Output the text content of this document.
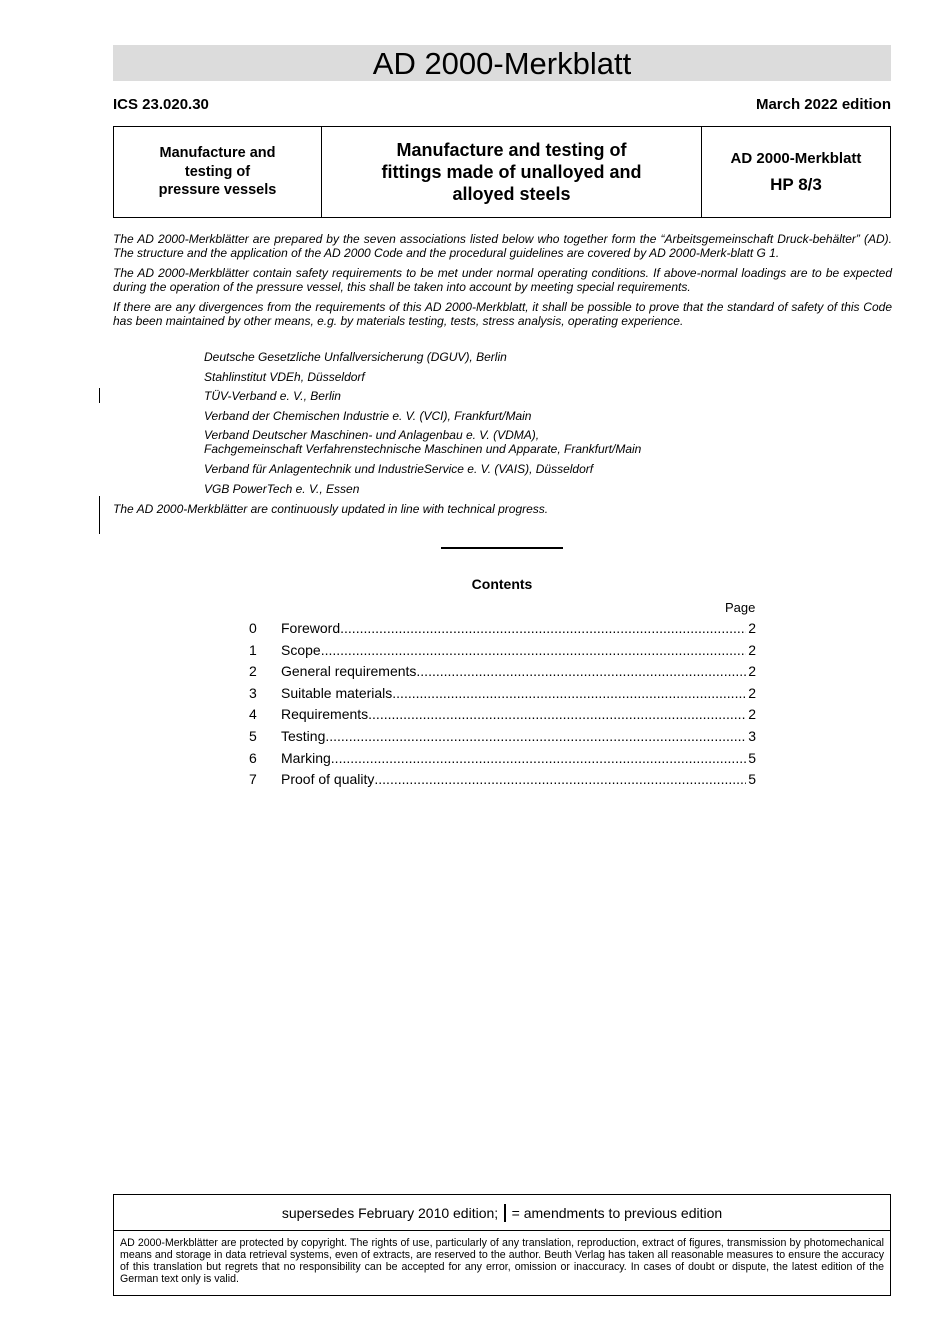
AD 2000-Merkblatt
ICS 23.020.30	March 2022 edition
Manufacture and
testing of
pressure vessels
Manufacture and testing of
fittings made of unalloyed and
alloyed steels
AD 2000-Merkblatt
HP 8/3

The AD 2000-Merkblätter are prepared by the seven associations listed below who together form the “Arbeitsgemeinschaft Druck-behälter” (AD). The structure and the application of the AD 2000 Code and the procedural guidelines are covered by AD 2000-Merk-blatt G 1.

The AD 2000-Merkblätter contain safety requirements to be met under normal operating conditions. If above-normal loadings are to be expected during the operation of the pressure vessel, this shall be taken into account by meeting special requirements.

If there are any divergences from the requirements of this AD 2000-Merkblatt, it shall be possible to prove that the standard of safety of this Code has been maintained by other means, e.g. by materials testing, tests, stress analysis, operating experience.

Deutsche Gesetzliche Unfallversicherung (DGUV), Berlin
Stahlinstitut VDEh, Düsseldorf
TÜV-Verband e. V., Berlin
Verband der Chemischen Industrie e. V. (VCI), Frankfurt/Main
Verband Deutscher Maschinen- und Anlagenbau e. V. (VDMA),
Fachgemeinschaft Verfahrenstechnische Maschinen und Apparate, Frankfurt/Main
Verband für Anlagentechnik und IndustrieService e. V. (VAIS), Düsseldorf
VGB PowerTech e. V., Essen
The AD 2000-Merkblätter are continuously updated in line with technical progress.
Contents
Page
0	Foreword .....	2
1	Scope .....	2
2	General requirements .....	2
3	Suitable materials .....	2
4	Requirements .....	2
5	Testing .....	3
6	Marking .....	5
7	Proof of quality .....	5
supersedes February 2010 edition; = amendments to previous edition
AD 2000-Merkblätter are protected by copyright. The rights of use, particularly of any translation, reproduction, extract of figures, transmission by photomechanical means and storage in data retrieval systems, even of extracts, are reserved to the author. Beuth Verlag has taken all reasonable measures to ensure the accuracy of this translation but regrets that no responsibility can be accepted for any error, omission or inaccuracy. In cases of doubt or dispute, the latest edition of the German text only is valid.
